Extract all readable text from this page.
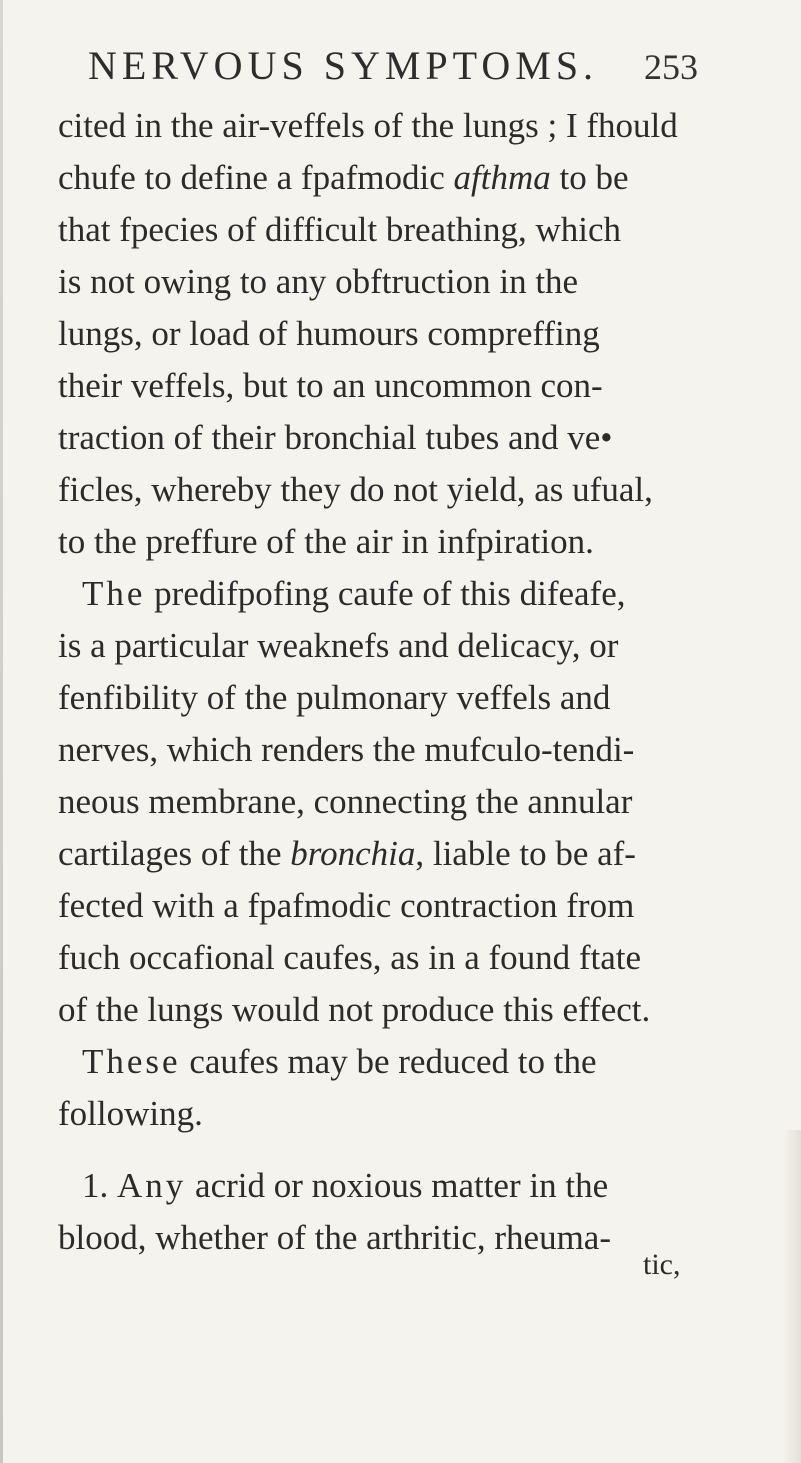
NERVOUS SYMPTOMS. 253
cited in the air-veffels of the lungs ; I fhould
chufe to define a fpafmodic afthma to be
that fpecies of difficult breathing, which
is not owing to any obftruction in the
lungs, or load of humours compreffing
their veffels, but to an uncommon con-
traction of their bronchial tubes and ve•
ficles, whereby they do not yield, as ufual,
to the preffure of the air in infpiration.
The predifpofing caufe of this difeafe,
is a particular weaknefs and delicacy, or
fenfibility of the pulmonary veffels and
nerves, which renders the mufculo-tendi-
neous membrane, connecting the annular
cartilages of the bronchia, liable to be af-
fected with a fpafmodic contraction from
fuch occafional caufes, as in a found ftate
of the lungs would not produce this effect.
These caufes may be reduced to the
following.
1. Any acrid or noxious matter in the
blood, whether of the arthritic, rheuma-
tic,
